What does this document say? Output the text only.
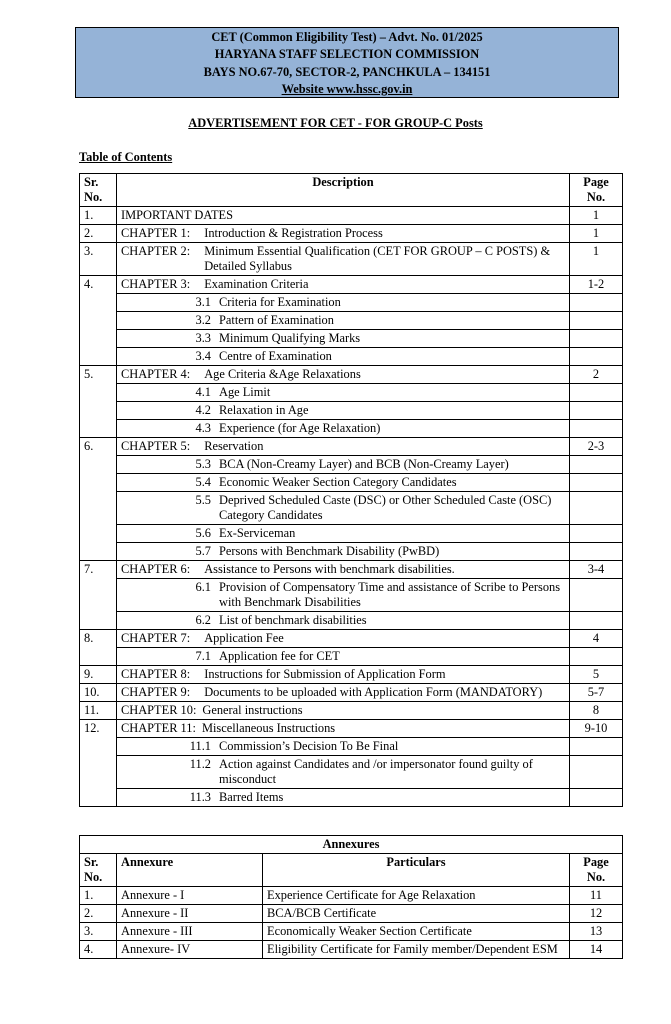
CET (Common Eligibility Test) – Advt. No. 01/2025
HARYANA STAFF SELECTION COMMISSION
BAYS NO.67-70, SECTOR-2, PANCHKULA – 134151
Website www.hssc.gov.in
ADVERTISEMENT FOR CET - FOR GROUP-C Posts
Table of Contents
Sr. No.	Description	Page No.
1.	IMPORTANT DATES	1
2.	CHAPTER 1: Introduction & Registration Process	1
3.	CHAPTER 2: Minimum Essential Qualification (CET FOR GROUP – C POSTS) & Detailed Syllabus	1
4.	CHAPTER 3: Examination Criteria	1-2

	3.1 Criteria for Examination	

	3.2 Pattern of Examination	

	3.3 Minimum Qualifying Marks	

	3.4 Centre of Examination	

5.	CHAPTER 4: Age Criteria &Age Relaxations	2

	4.1 Age Limit	

	4.2 Relaxation in Age	

	4.3 Experience (for Age Relaxation)	

6.	CHAPTER 5: Reservation	2-3

	5.3 BCA (Non-Creamy Layer) and BCB (Non-Creamy Layer)	

	5.4 Economic Weaker Section Category Candidates	

	5.5 Deprived Scheduled Caste (DSC) or Other Scheduled Caste (OSC) Category Candidates	

	5.6 Ex-Serviceman	

	5.7 Persons with Benchmark Disability (PwBD)	

7.	CHAPTER 6: Assistance to Persons with benchmark disabilities.	3-4

	6.1 Provision of Compensatory Time and assistance of Scribe to Persons with Benchmark Disabilities	

	6.2 List of benchmark disabilities	

8.	CHAPTER 7: Application Fee	4

	7.1 Application fee for CET	

9.	CHAPTER 8: Instructions for Submission of Application Form	5
10.	CHAPTER 9: Documents to be uploaded with Application Form (MANDATORY)	5-7
11.	CHAPTER 10: General instructions	8
12.	CHAPTER 11: Miscellaneous Instructions	9-10

	11.1 Commission’s Decision To Be Final	

	11.2 Action against Candidates and /or impersonator found guilty of misconduct	

	11.3 Barred Items	

Annexures			
Sr. No.	Annexure	Particulars	Page No.
1.	Annexure - I	Experience Certificate for Age Relaxation	11
2.	Annexure - II	BCA/BCB Certificate	12
3.	Annexure - III	Economically Weaker Section Certificate	13
4.	Annexure- IV	Eligibility Certificate for Family member/Dependent ESM	14
